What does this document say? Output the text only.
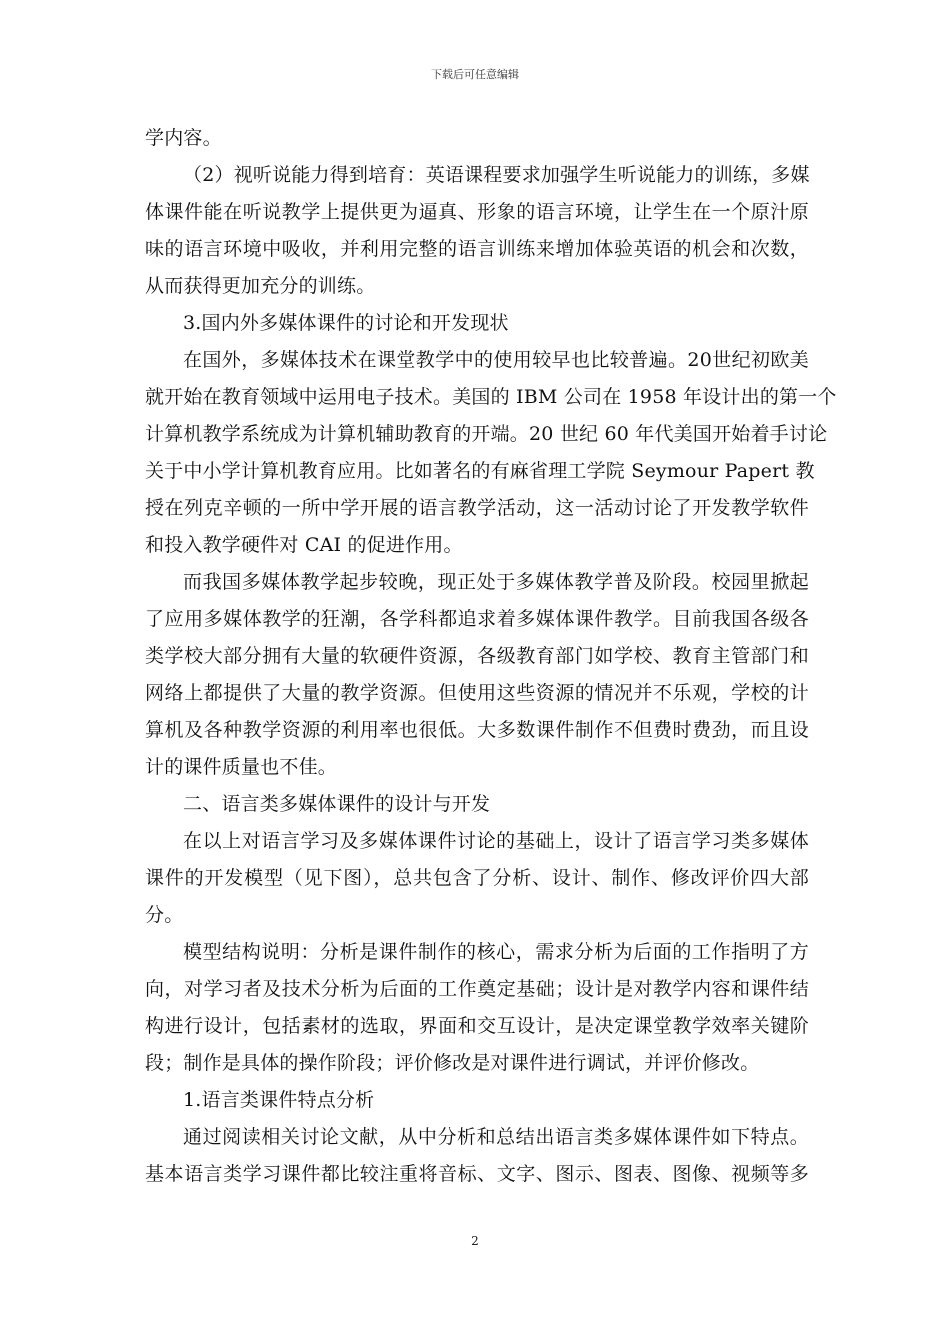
下载后可任意编辑
学内容。
（2）视听说能力得到培育：英语课程要求加强学生听说能力的训练，多媒
体课件能在听说教学上提供更为逼真、形象的语言环境，让学生在一个原汁原
味的语言环境中吸收，并利用完整的语言训练来增加体验英语的机会和次数，
从而获得更加充分的训练。
3.国内外多媒体课件的讨论和开发现状
在国外，多媒体技术在课堂教学中的使用较早也比较普遍。20世纪初欧美
就开始在教育领域中运用电子技术。美国的 IBM 公司在 1958 年设计出的第一个
计算机教学系统成为计算机辅助教育的开端。20 世纪 60 年代美国开始着手讨论
关于中小学计算机教育应用。比如著名的有麻省理工学院 Seymour Papert 教
授在列克辛顿的一所中学开展的语言教学活动，这一活动讨论了开发教学软件
和投入教学硬件对 CAI 的促进作用。
而我国多媒体教学起步较晚，现正处于多媒体教学普及阶段。校园里掀起
了应用多媒体教学的狂潮，各学科都追求着多媒体课件教学。目前我国各级各
类学校大部分拥有大量的软硬件资源，各级教育部门如学校、教育主管部门和
网络上都提供了大量的教学资源。但使用这些资源的情况并不乐观，学校的计
算机及各种教学资源的利用率也很低。大多数课件制作不但费时费劲，而且设
计的课件质量也不佳。
二、语言类多媒体课件的设计与开发
在以上对语言学习及多媒体课件讨论的基础上，设计了语言学习类多媒体
课件的开发模型（见下图），总共包含了分析、设计、制作、修改评价四大部
分。
模型结构说明：分析是课件制作的核心，需求分析为后面的工作指明了方
向，对学习者及技术分析为后面的工作奠定基础；设计是对教学内容和课件结
构进行设计，包括素材的选取，界面和交互设计，是决定课堂教学效率关键阶
段；制作是具体的操作阶段；评价修改是对课件进行调试，并评价修改。
1.语言类课件特点分析
通过阅读相关讨论文献，从中分析和总结出语言类多媒体课件如下特点。
基本语言类学习课件都比较注重将音标、文字、图示、图表、图像、视频等多
2
